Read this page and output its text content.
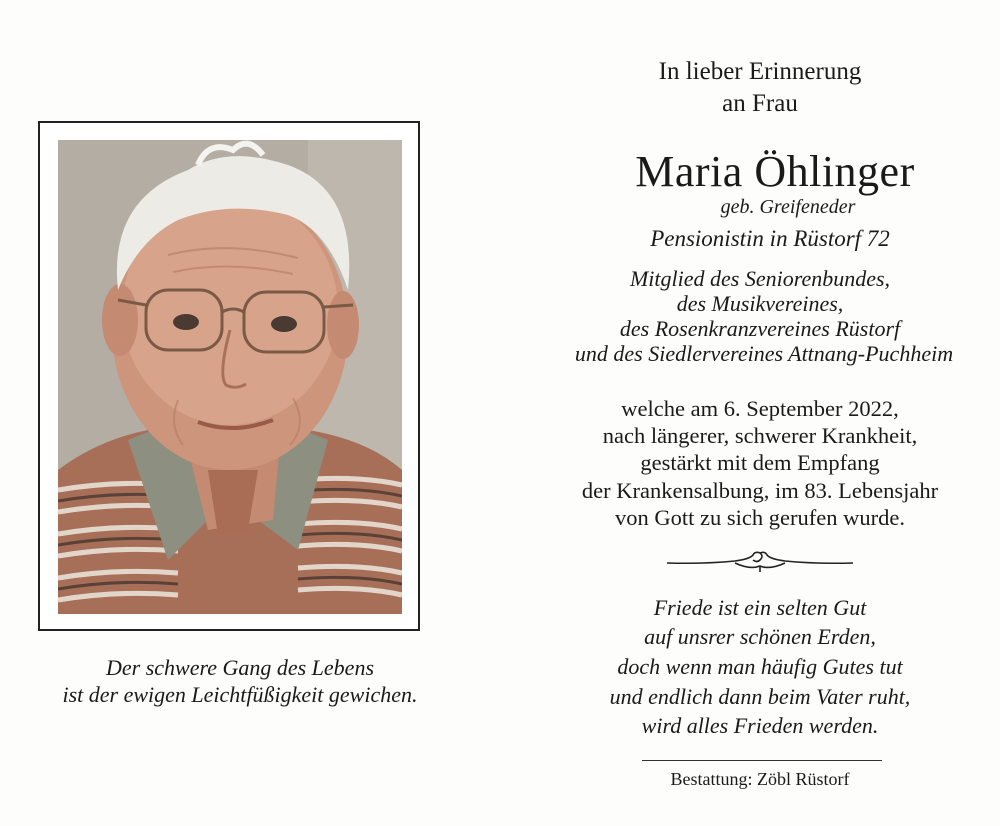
Der schwere Gang des Lebens
ist der ewigen Leichtfüßigkeit gewichen.
In lieber Erinnerung
an Frau
Maria Öhlinger
geb. Greifeneder
Pensionistin in Rüstorf 72
Mitglied des Seniorenbundes,
des Musikvereines,
des Rosenkranzvereines Rüstorf
und des Siedlervereines Attnang-Puchheim
welche am 6. September 2022,
nach längerer, schwerer Krankheit,
gestärkt mit dem Empfang
der Krankensalbung, im 83. Lebensjahr
von Gott zu sich gerufen wurde.
Friede ist ein selten Gut
auf unsrer schönen Erden,
doch wenn man häufig Gutes tut
und endlich dann beim Vater ruht,
wird alles Frieden werden.
Bestattung: Zöbl Rüstorf
